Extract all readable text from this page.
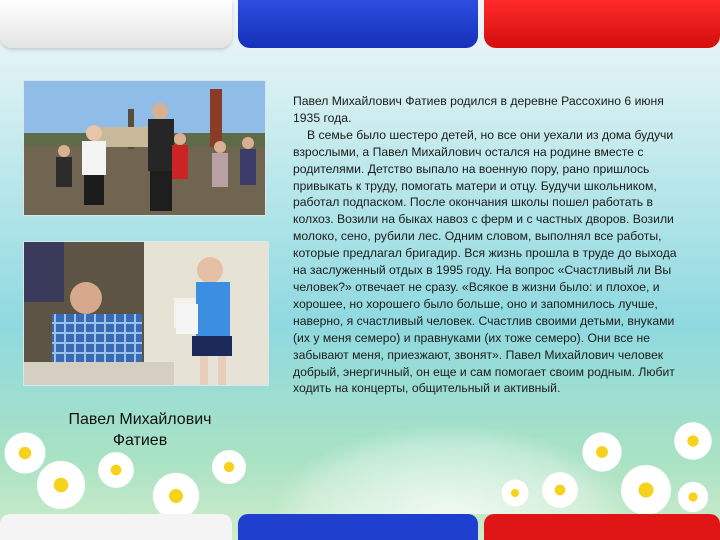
Павел Михайлович
Фатиев

Павел Михайлович Фатиев родился в деревне Рассохино 6 июня 1935 года.

В семье было шестеро детей, но все они уехали из дома будучи взрослыми, а Павел Михайлович остался на родине вместе с родителями. Детство выпало на военную пору, рано пришлось привыкать к труду, помогать матери и отцу. Будучи школьником, работал подпаском. После окончания школы пошел работать в колхоз. Возили на быках навоз с ферм и с частных дворов. Возили молоко, сено, рубили лес. Одним словом, выполнял все работы, которые предлагал бригадир. Вся жизнь прошла в труде до выхода на заслуженный отдых в 1995 году. На вопрос «Счастливый ли Вы человек?» отвечает не сразу. «Всякое в жизни было: и плохое, и хорошее, но хорошего было больше, оно и запомнилось лучше, наверно, я счастливый человек. Счастлив своими детьми, внуками (их у меня семеро) и правнуками (их тоже семеро). Они все не забывают меня, приезжают, звонят». Павел Михайлович человек добрый, энергичный, он еще и сам помогает своим родным. Любит ходить на концерты, общительный и активный.
